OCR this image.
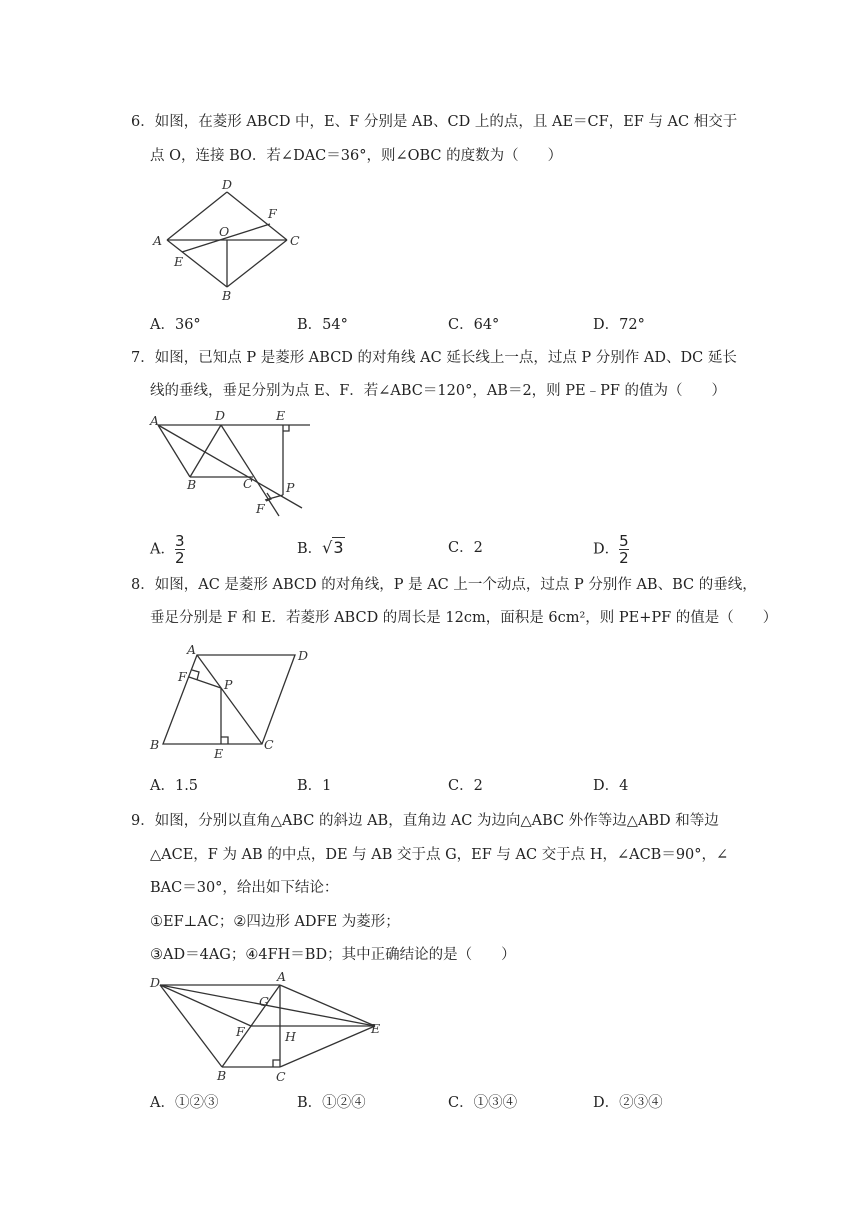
6．如图，在菱形 ABCD 中，E、F 分别是 AB、CD 上的点，且 AE＝CF，EF 与 AC 相交于
点 O，连接 BO．若∠DAC＝36°，则∠OBC 的度数为（　　）
D
F
A
O
C
E
B
A．36°	B．54°	C．64°	D．72°
7．如图，已知点 P 是菱形 ABCD 的对角线 AC 延长线上一点，过点 P 分别作 AD、DC 延长
线的垂线，垂足分别为点 E、F．若∠ABC＝120°，AB＝2，则 PE﹣PF 的值为（　　）
A	D	E
B	C	P
F
A． $\frac{3}{2}$	B．√3	C．2	D． $\frac{5}{2}$
8．如图，AC 是菱形 ABCD 的对角线，P 是 AC 上一个动点，过点 P 分别作 AB、BC 的垂线，
垂足分别是 F 和 E．若菱形 ABCD 的周长是 12cm，面积是 6cm²，则 PE+PF 的值是（　　）
A	D
F
P
B
E
C
A．1.5	B．1	C．2	D．4
9．如图，分别以直角△ABC 的斜边 AB，直角边 AC 为边向△ABC 外作等边△ABD 和等边
△ACE，F 为 AB 的中点，DE 与 AB 交于点 G，EF 与 AC 交于点 H，∠ACB＝90°，∠
BAC＝30°，给出如下结论：
①EF⊥AC；②四边形 ADFE 为菱形；
③AD＝4AG；④4FH＝BD；其中正确结论的是（　　）
D	A
G
F	H
E
B	C
A．①②③	B．①②④	C．①③④	D．②③④
